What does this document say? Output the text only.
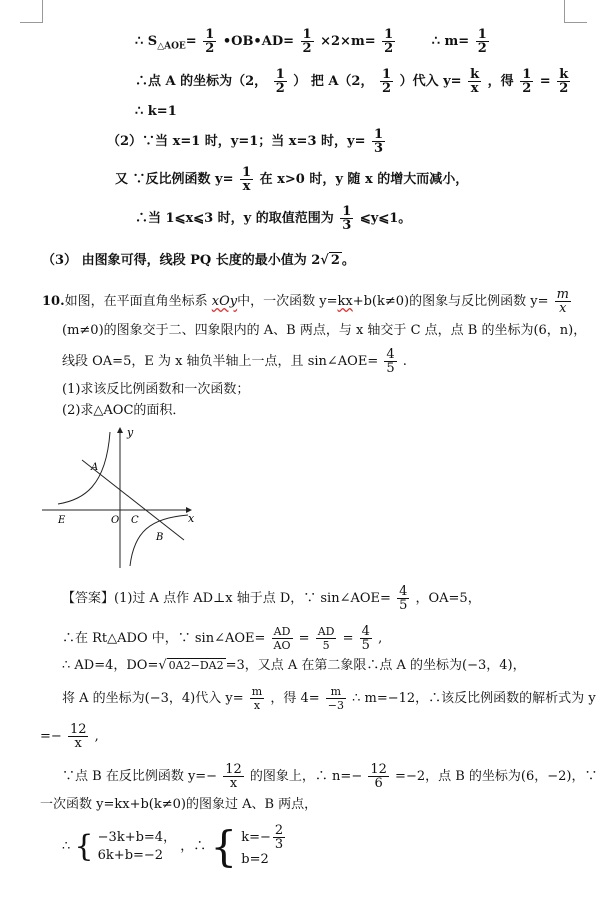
∴ $S_{\triangle AOE}= \frac{1}{2}$ •OB•AD= $\frac{1}{2} \times 2\times m= \frac{1}{2}$	∴ $m= \frac{1}{2}$
∴点 A 的坐标为（2， $\frac{1}{2}$ ） 把 A（2， $\frac{1}{2}$ ）代入 $y= \frac{k}{x}$ ，得 $\frac{1}{2} = \frac{k}{2}$
∴ k=1
（2）∵当 x=1 时，y=1；当 x=3 时，$y= \frac{1}{3}$
又 ∵反比例函数 $y= \frac{1}{x}$ 在 x>0 时，y 随 x 的增大而减小，
∴当 1⩽x⩽3 时，y 的取值范围为 $\frac{1}{3}$ ⩽y⩽1。
（3） 由图象可得，线段 PQ 长度的最小值为 2√ 2 。
10.如图，在平面直角坐标系 xOy中，一次函数 y=kx+b(k≠0)的图象与反比例函数 $y= \frac{m}{x}$
(m≠0)的图象交于二、四象限内的 A、B 两点，与 x 轴交于 C 点，点 B 的坐标为(6，n)，
线段 OA=5，E 为 x 轴负半轴上一点，且 sin∠AOE= $\frac{4}{5}$ .
(1)求该反比例函数和一次函数；
(2)求△AOC的面积．
y
x
A
E	O C
B
【答案】(1)过 A 点作 AD⊥x 轴于点 D，∵ sin∠AOE= $\frac{4}{5}$ ，OA=5，
∴在 Rt△ADO 中，∵ sin∠AOE= $\frac{AD}{AO} = \frac{AD}{5} = \frac{4}{5}$ ,
∴ AD=4，DO=√ 0A2−DA2 =3，又点 A 在第二象限∴点 A 的坐标为(−3，4)，
将 A 的坐标为(−3，4)代入 $y= \frac{m}{x}$ ，得 $4= \frac{m}{-3}$ ∴ m=−12，∴该反比例函数的解析式为 y
=− $\frac{12}{x}$ ,
∵点 B 在反比例函数 $y=- \frac{12}{x}$ 的图象上，∴ $n=- \frac{12}{6} =-2$，点 B 的坐标为(6，−2)，∵
一次函数 y=kx+b(k≠0)的图象过 A、B 两点，
∴ { −3k+b=4，
6k+b=−2
，∴ { $k=- \frac{2}{3}$
b=2
